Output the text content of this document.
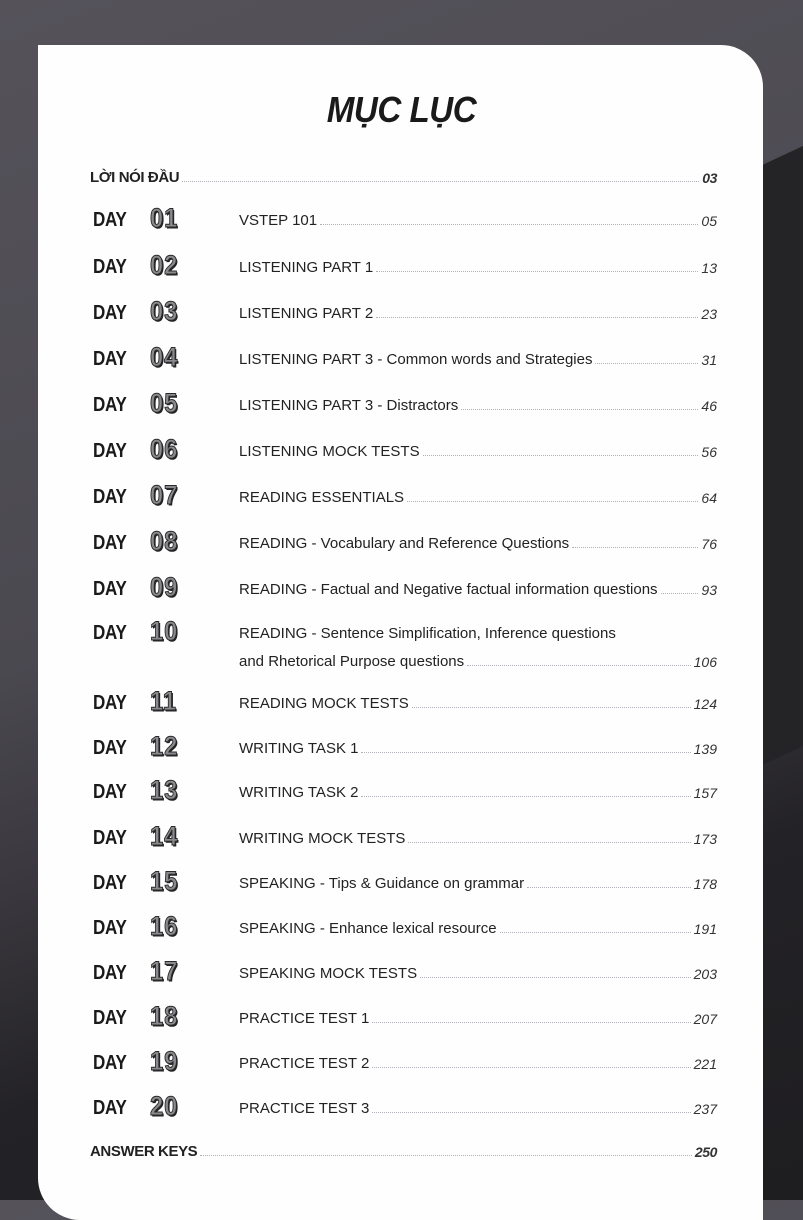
MỤC LỤC
LỜI NÓI ĐẦU	03
DAY 01	VSTEP 101	05
DAY 02	LISTENING PART 1	13
DAY 03	LISTENING PART 2	23
DAY 04	LISTENING PART 3 - Common words and Strategies	31
DAY 05	LISTENING PART 3 - Distractors	46
DAY 06	LISTENING MOCK TESTS	56
DAY 07	READING ESSENTIALS	64
DAY 08	READING - Vocabulary and Reference Questions	76
DAY 09	READING - Factual and Negative factual information questions	93
DAY 10	READING - Sentence Simplification, Inference questions
and Rhetorical Purpose questions	106
DAY 11	READING MOCK TESTS	124
DAY 12	WRITING TASK 1	139
DAY 13	WRITING TASK 2	157
DAY 14	WRITING MOCK TESTS	173
DAY 15	SPEAKING - Tips & Guidance on grammar	178
DAY 16	SPEAKING - Enhance lexical resource	191
DAY 17	SPEAKING MOCK TESTS	203
DAY 18	PRACTICE TEST 1	207
DAY 19	PRACTICE TEST 2	221
DAY 20	PRACTICE TEST 3	237
ANSWER KEYS	250
